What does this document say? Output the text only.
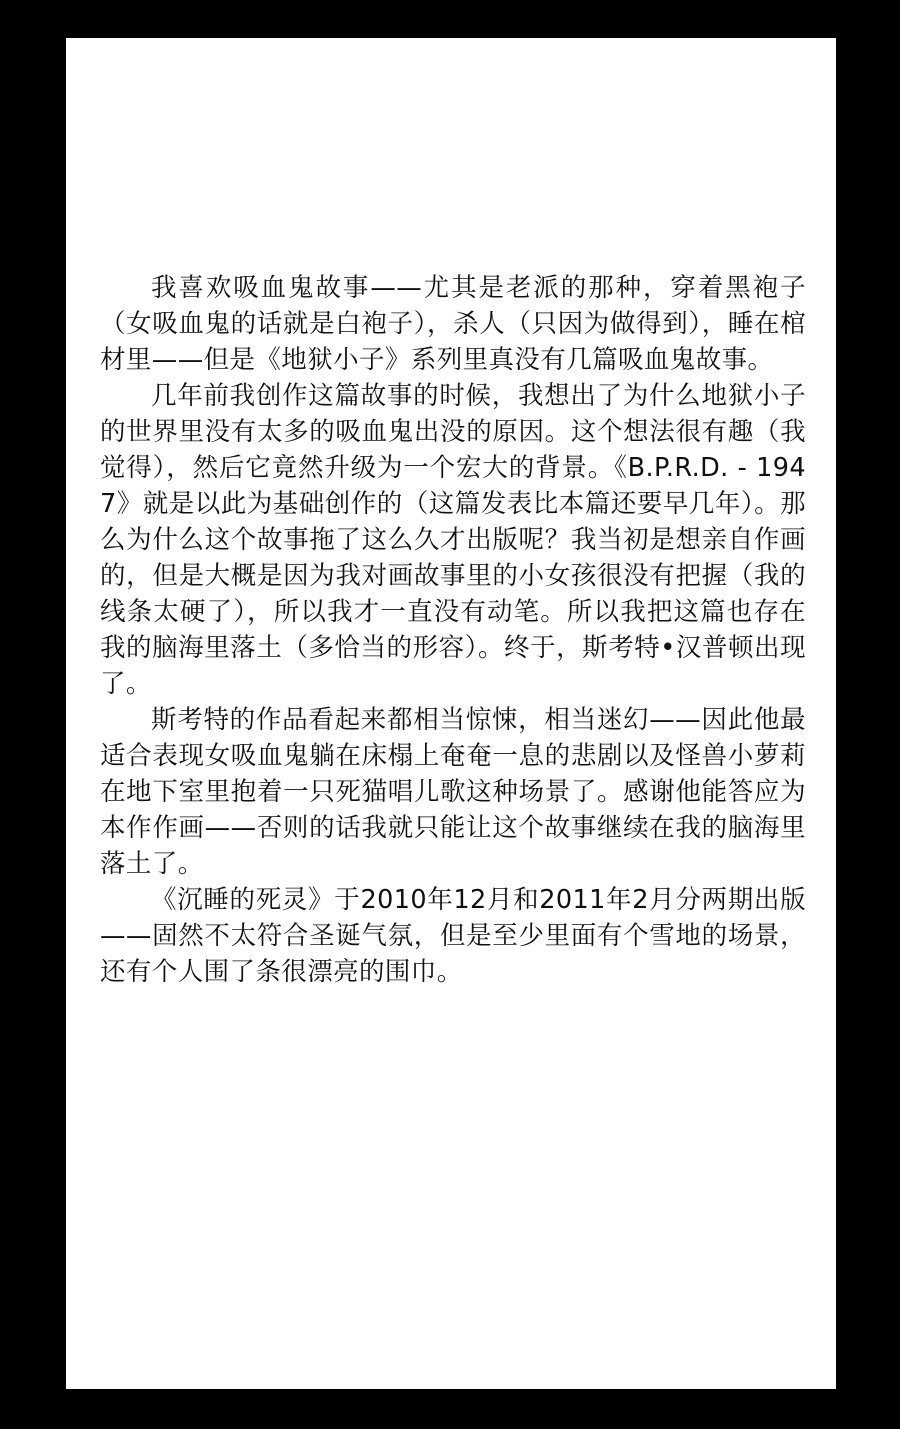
我喜欢吸血鬼故事——尤其是老派的那种，穿着黑袍子（女吸血鬼的话就是白袍子），杀人（只因为做得到），睡在棺材里——但是《地狱小子》系列里真没有几篇吸血鬼故事。

几年前我创作这篇故事的时候，我想出了为什么地狱小子的世界里没有太多的吸血鬼出没的原因。这个想法很有趣（我觉得），然后它竟然升级为一个宏大的背景。《B.P.R.D. - 1947》就是以此为基础创作的（这篇发表比本篇还要早几年）。那么为什么这个故事拖了这么久才出版呢？我当初是想亲自作画的，但是大概是因为我对画故事里的小女孩很没有把握（我的线条太硬了），所以我才一直没有动笔。所以我把这篇也存在我的脑海里落土（多恰当的形容）。终于，斯考特•汉普顿出现了。

斯考特的作品看起来都相当惊悚，相当迷幻——因此他最适合表现女吸血鬼躺在床榻上奄奄一息的悲剧以及怪兽小萝莉在地下室里抱着一只死猫唱儿歌这种场景了。感谢他能答应为本作作画——否则的话我就只能让这个故事继续在我的脑海里落土了。

《沉睡的死灵》于2010年12月和2011年2月分两期出版——固然不太符合圣诞气氛，但是至少里面有个雪地的场景，还有个人围了条很漂亮的围巾。
